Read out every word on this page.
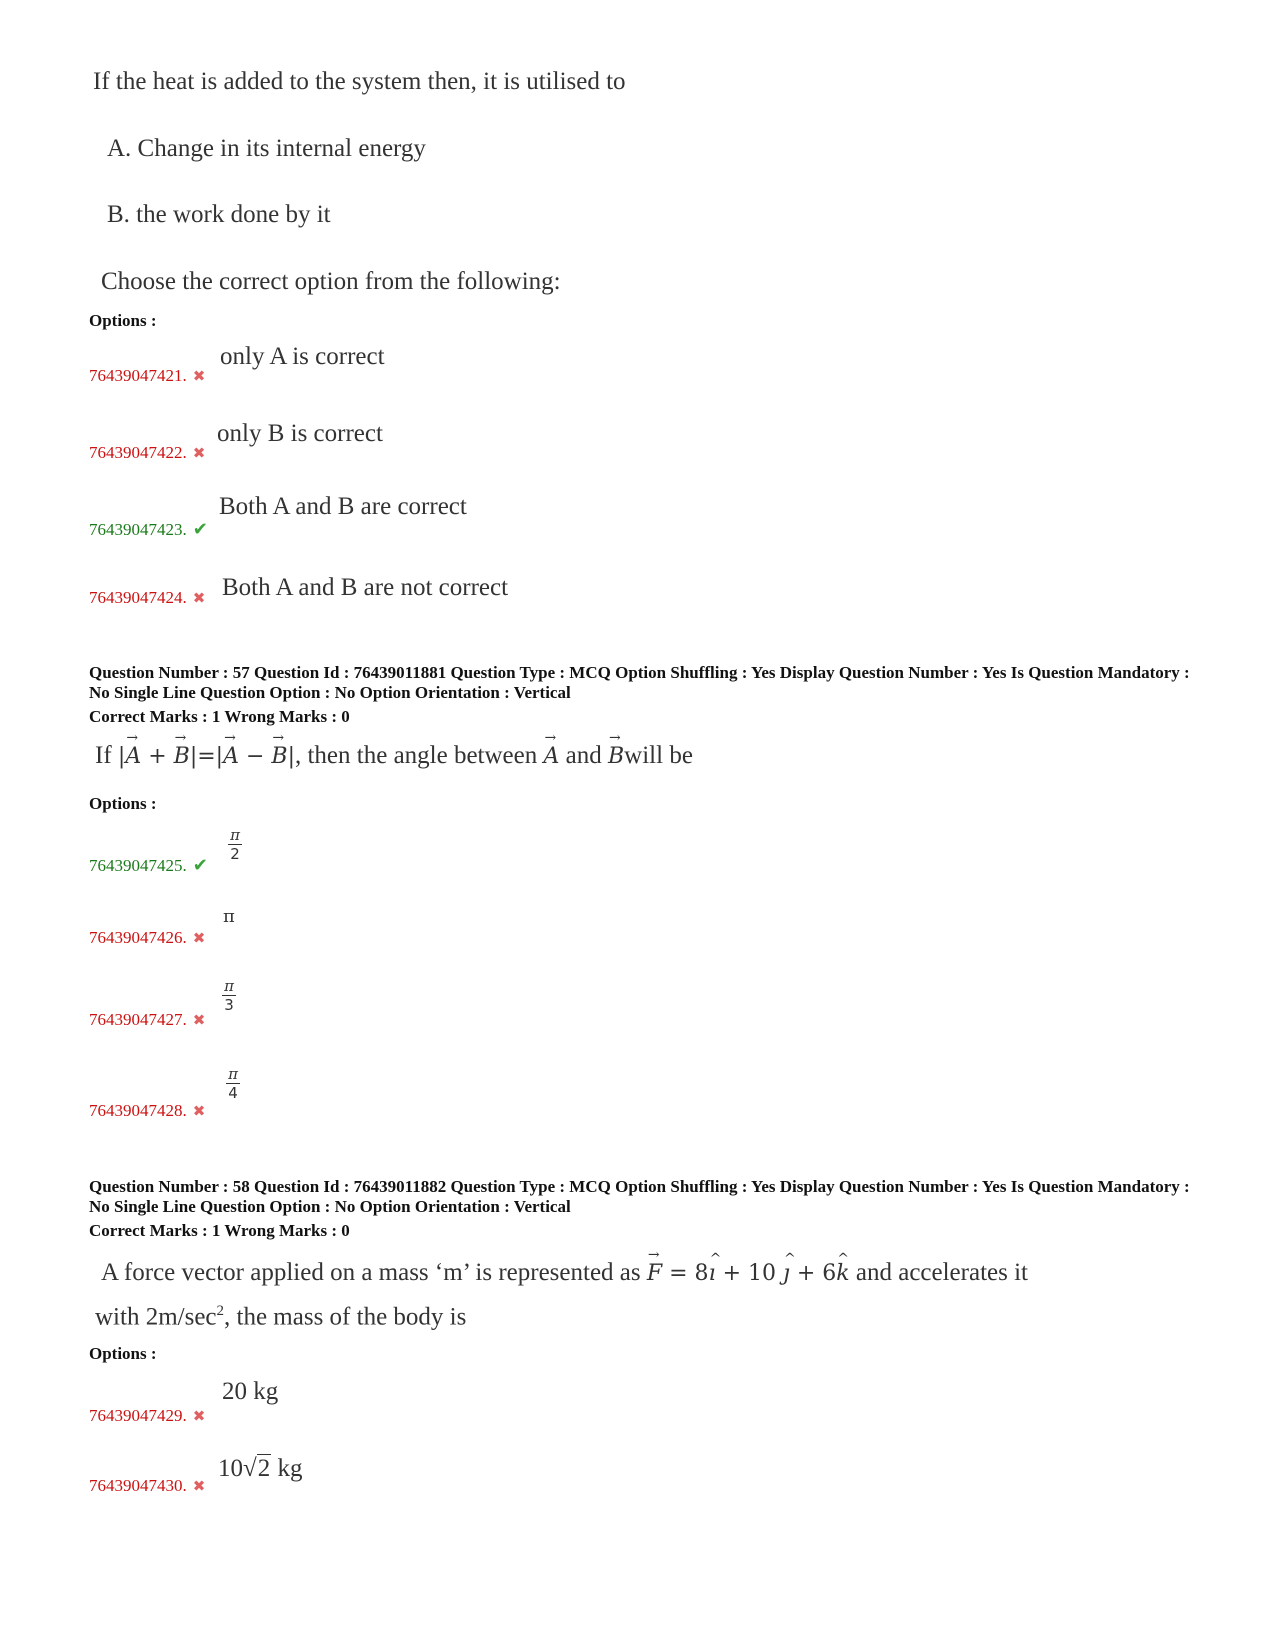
If the heat is added to the system then, it is utilised to
A. Change in its internal energy
B. the work done by it
Choose the correct option from the following:
Options :
76439047421. ✖
only A is correct
76439047422. ✖
only B is correct
76439047423. ✔
Both A and B are correct
76439047424. ✖ Both A and B are not correct
Question Number : 57 Question Id : 76439011881 Question Type : MCQ Option Shuffling : Yes Display Question Number : Yes Is Question Mandatory : No Single Line Question Option : No Option Orientation : Vertical
Correct Marks : 1 Wrong Marks : 0
If |→ A + → B|=|→ A − → B|, then the angle between → A and → Bwill be
Options :
76439047425. ✔
π
2
76439047426. ✖
π
76439047427. ✖
π
3
76439047428. ✖
π
4
Question Number : 58 Question Id : 76439011882 Question Type : MCQ Option Shuffling : Yes Display Question Number : Yes Is Question Mandatory : No Single Line Question Option : No Option Orientation : Vertical
Correct Marks : 1 Wrong Marks : 0
A force vector applied on a mass ‘m’ is represented as → F = 8^ ı + 10 ^ ȷ + 6^ k and accelerates it
with $2m/\sec^2$, the mass of the body is
Options :
76439047429. ✖
20 kg
76439047430. ✖
10√2 kg
